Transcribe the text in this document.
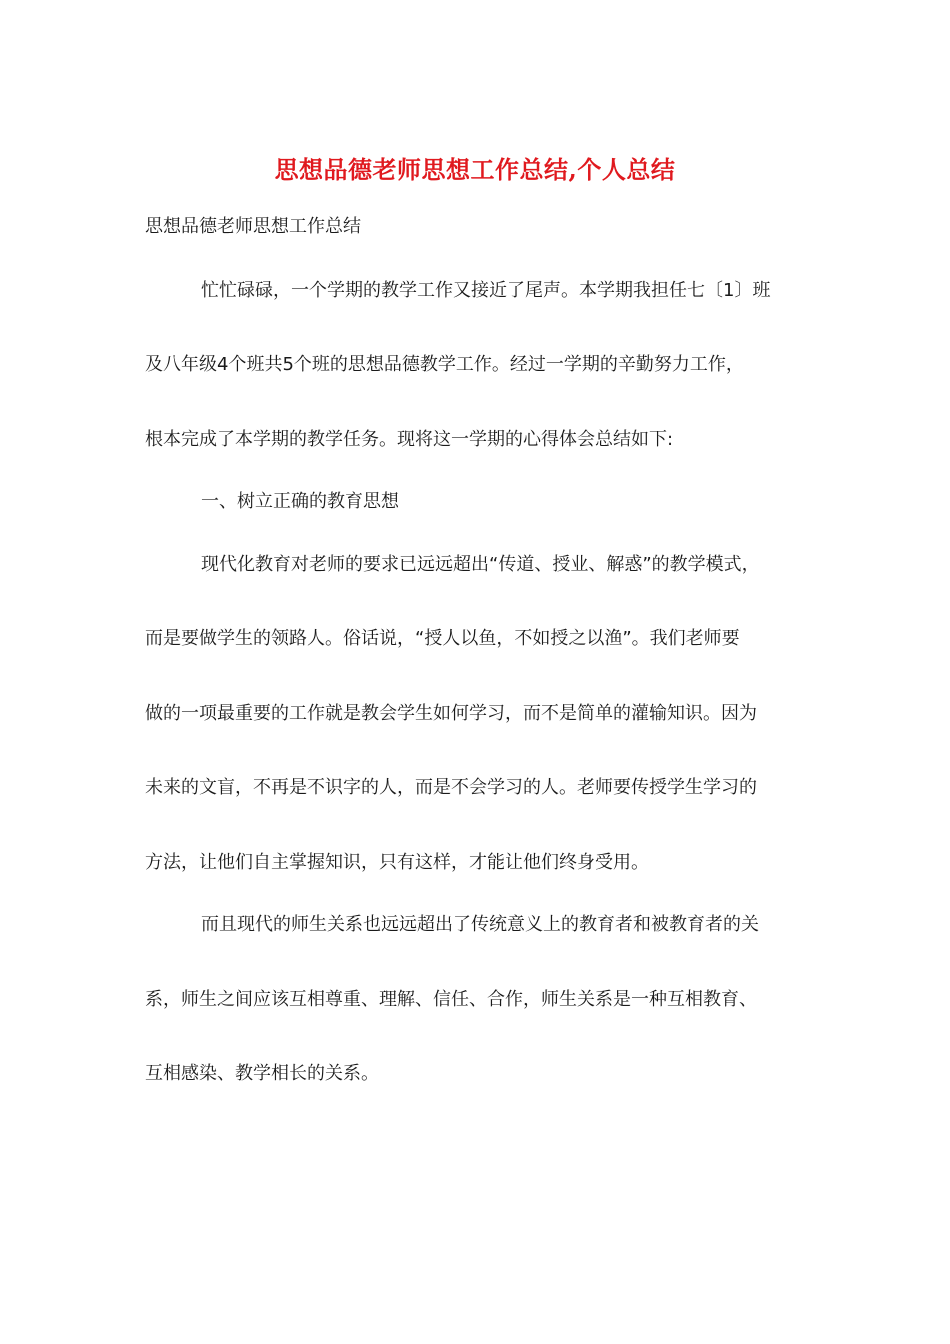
思想品德老师思想工作总结,个人总结
思想品德老师思想工作总结
忙忙碌碌，一个学期的教学工作又接近了尾声。本学期我担任七〔1〕班
及八年级4个班共5个班的思想品德教学工作。经过一学期的辛勤努力工作，
根本完成了本学期的教学任务。现将这一学期的心得体会总结如下:
一、树立正确的教育思想
现代化教育对老师的要求已远远超出“传道、授业、解惑”的教学模式，
而是要做学生的领路人。俗话说，“授人以鱼，不如授之以渔”。我们老师要
做的一项最重要的工作就是教会学生如何学习，而不是简单的灌输知识。因为
未来的文盲，不再是不识字的人，而是不会学习的人。老师要传授学生学习的
方法，让他们自主掌握知识，只有这样，才能让他们终身受用。
而且现代的师生关系也远远超出了传统意义上的教育者和被教育者的关
系，师生之间应该互相尊重、理解、信任、合作，师生关系是一种互相教育、
互相感染、教学相长的关系。
